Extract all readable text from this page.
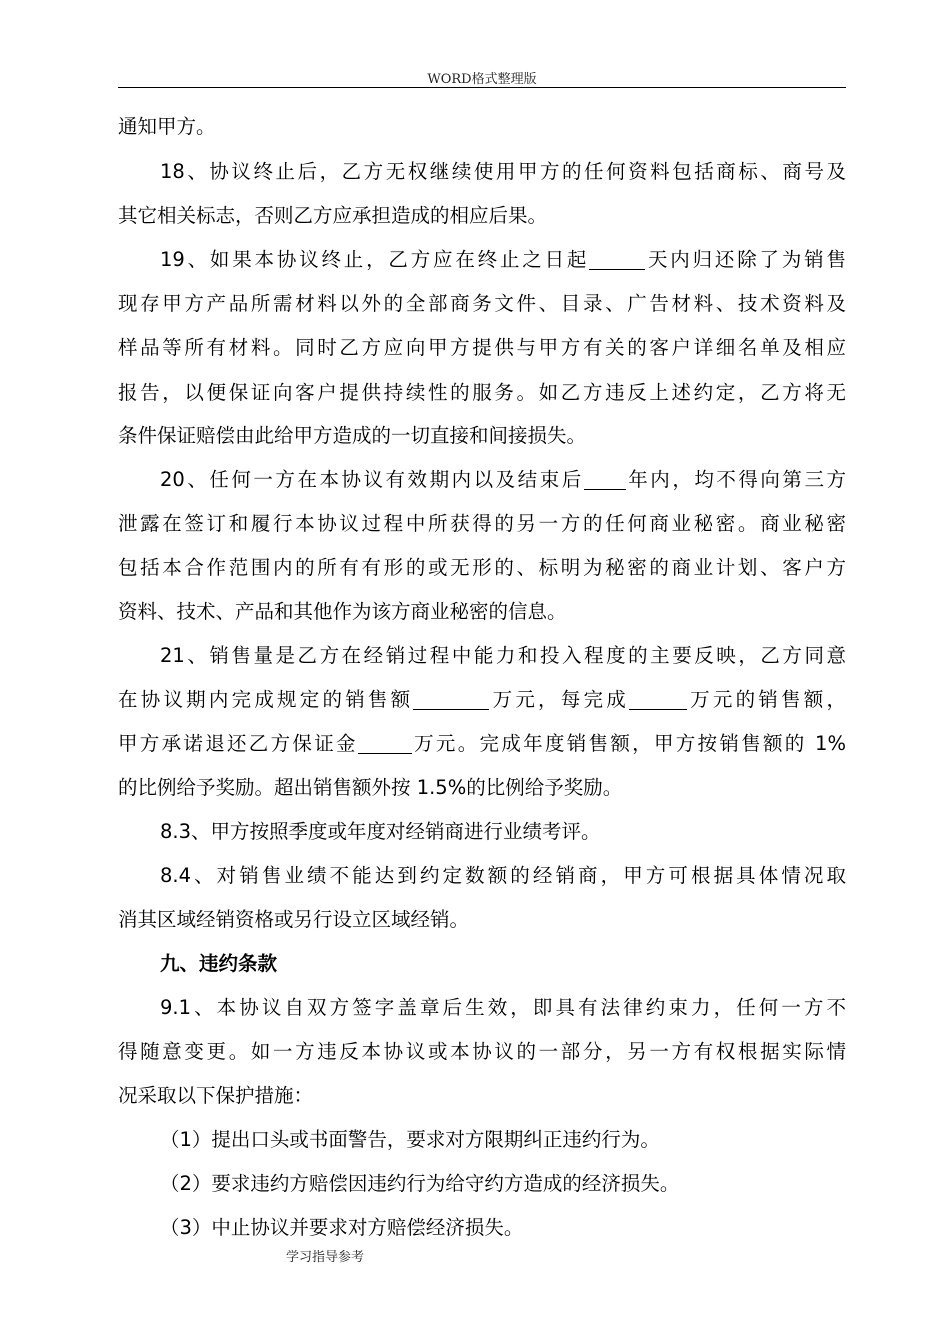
WORD格式整理版
通知甲方。
18、协议终止后，乙方无权继续使用甲方的任何资料包括商标、商号及
其它相关标志，否则乙方应承担造成的相应后果。
19、如果本协议终止，乙方应在终止之日起	天内归还除了为销售
现存甲方产品所需材料以外的全部商务文件、目录、广告材料、技术资料及
样品等所有材料。同时乙方应向甲方提供与甲方有关的客户详细名单及相应
报告，以便保证向客户提供持续性的服务。如乙方违反上述约定，乙方将无
条件保证赔偿由此给甲方造成的一切直接和间接损失。
20、任何一方在本协议有效期内以及结束后 年内，均不得向第三方
泄露在签订和履行本协议过程中所获得的另一方的任何商业秘密。商业秘密
包括本合作范围内的所有有形的或无形的、标明为秘密的商业计划、客户方
资料、技术、产品和其他作为该方商业秘密的信息。
21、销售量是乙方在经销过程中能力和投入程度的主要反映，乙方同意
在协议期内完成规定的销售额	万元，每完成	万元的销售额，
甲方承诺退还乙方保证金	万元。完成年度销售额，甲方按销售额的 1%
的比例给予奖励。超出销售额外按 1.5%的比例给予奖励。
8.3、甲方按照季度或年度对经销商进行业绩考评。
8.4、对销售业绩不能达到约定数额的经销商，甲方可根据具体情况取
消其区域经销资格或另行设立区域经销。
九、违约条款
9.1、本协议自双方签字盖章后生效，即具有法律约束力，任何一方不
得随意变更。如一方违反本协议或本协议的一部分，另一方有权根据实际情
况采取以下保护措施：
（1）提出口头或书面警告，要求对方限期纠正违约行为。
（2）要求违约方赔偿因违约行为给守约方造成的经济损失。
（3）中止协议并要求对方赔偿经济损失。
学习指导参考
